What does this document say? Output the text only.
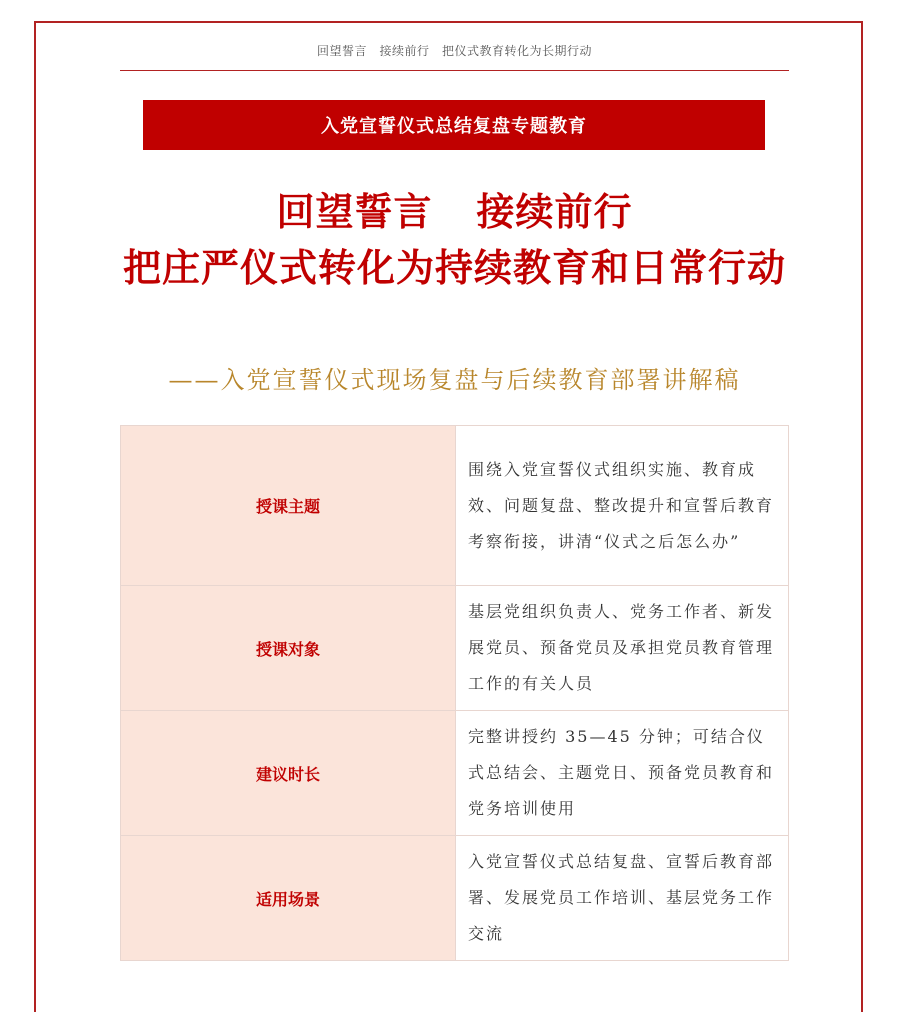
回望誓言　接续前行　把仪式教育转化为长期行动
入党宣誓仪式总结复盘专题教育
回望誓言 接续前行
把庄严仪式转化为持续教育和日常行动
——入党宣誓仪式现场复盘与后续教育部署讲解稿
授课主题	围绕入党宣誓仪式组织实施、教育成效、问题复盘、整改提升和宣誓后教育考察衔接，讲清“仪式之后怎么办”
授课对象	基层党组织负责人、党务工作者、新发展党员、预备党员及承担党员教育管理工作的有关人员
建议时长	完整讲授约 35—45 分钟；可结合仪式总结会、主题党日、预备党员教育和党务培训使用
适用场景	入党宣誓仪式总结复盘、宣誓后教育部署、发展党员工作培训、基层党务工作交流
